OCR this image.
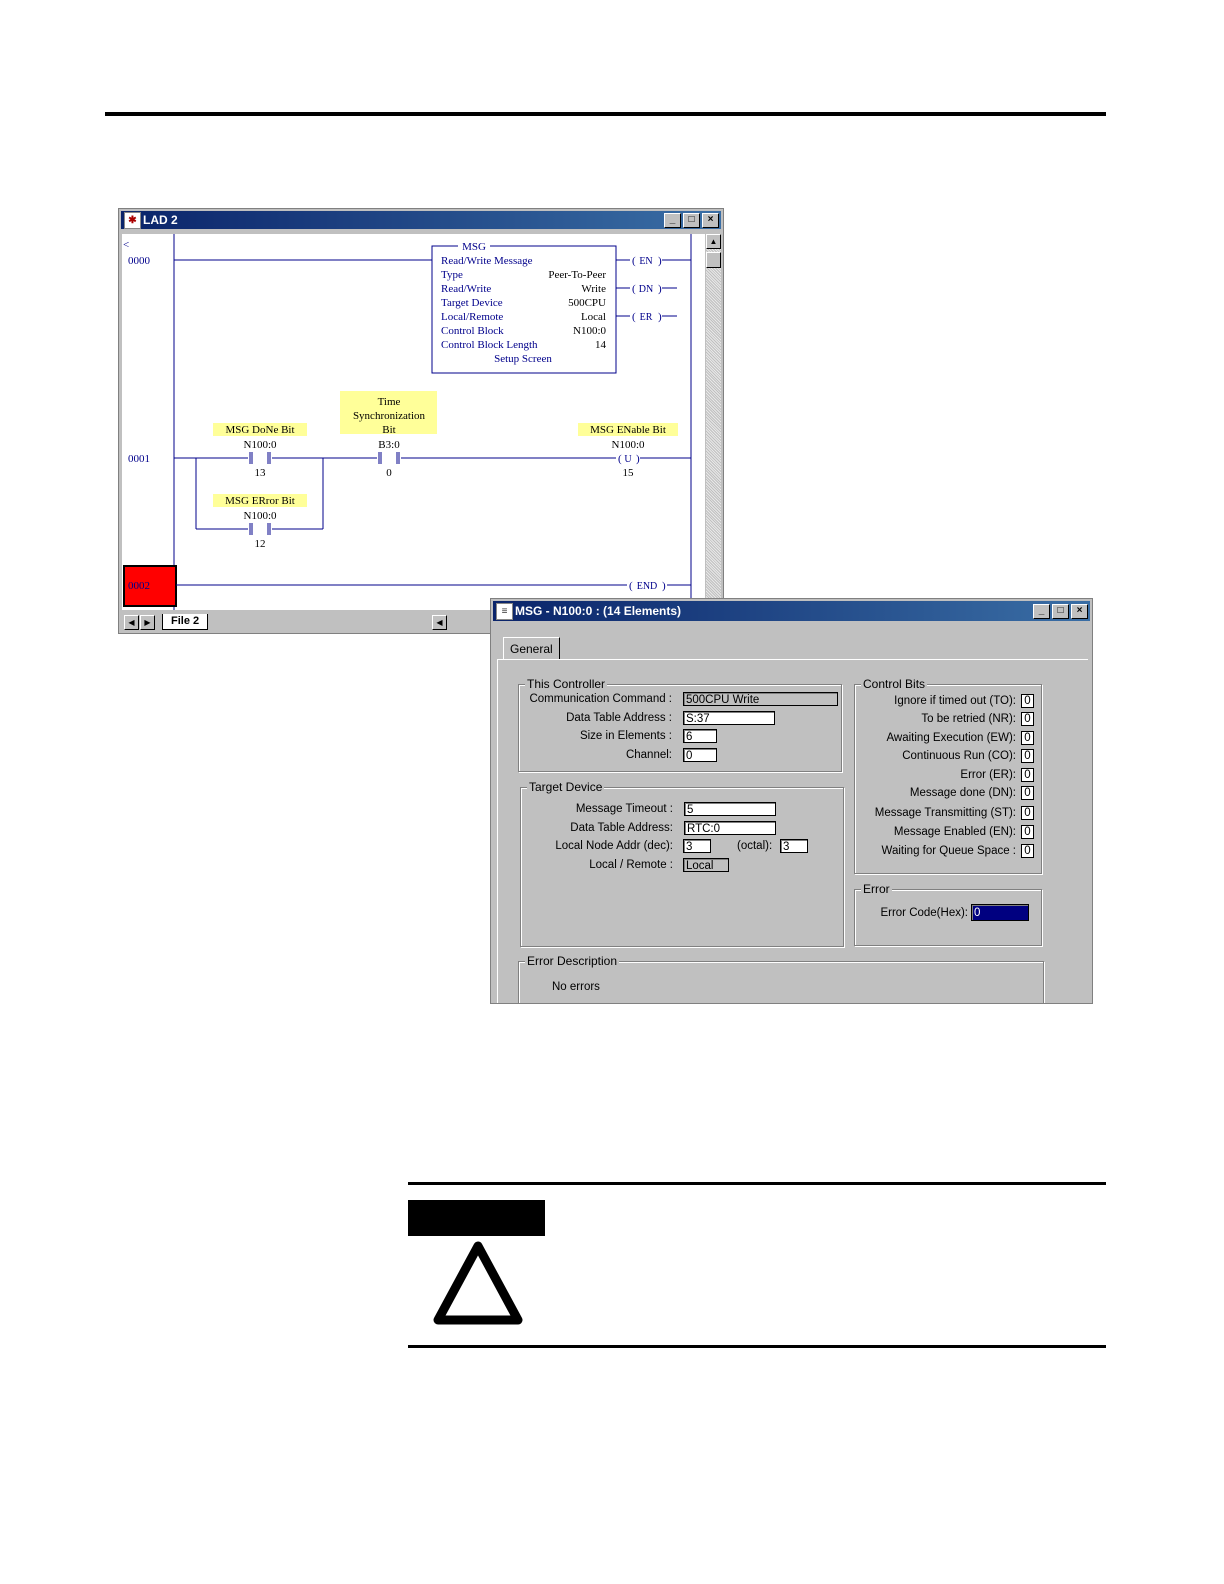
✱ LAD 2	_	□	×
<
0000
MSG
Read/Write Message
Type	Peer-To-Peer
Read/Write	Write
Target Device	500CPU
Local/Remote	Local
Control Block	N100:0
Control Block Length	14
Setup Screen
( )
( )
( )
EN
DN
ER
0001
MSG DoNe Bit
N100:0
13
MSG ERror Bit
N100:0
12
Time
Synchronization
Bit
B3:0
0
MSG ENable Bit
N100:0
( )
U
15
0002	(	)
END
▲
◀	▶	File 2	◀
≡ MSG - N100:0 : (14 Elements)	_	□	×
General
This Controller
Communication Command : 500CPU Write
Data Table Address : S:37
Size in Elements : 6
Channel: 0
Target Device
Message Timeout : 5
Data Table Address: RTC:0
Local Node Addr (dec): 3	(octal): 3
Local / Remote : Local
Control Bits
Ignore if timed out (TO): 0
To be retried (NR): 0
Awaiting Execution (EW): 0
Continuous Run (CO): 0
Error (ER): 0
Message done (DN): 0
Message Transmitting (ST): 0
Message Enabled (EN): 0
Waiting for Queue Space : 0
Error
Error Code(Hex): 0
Error Description
No errors
